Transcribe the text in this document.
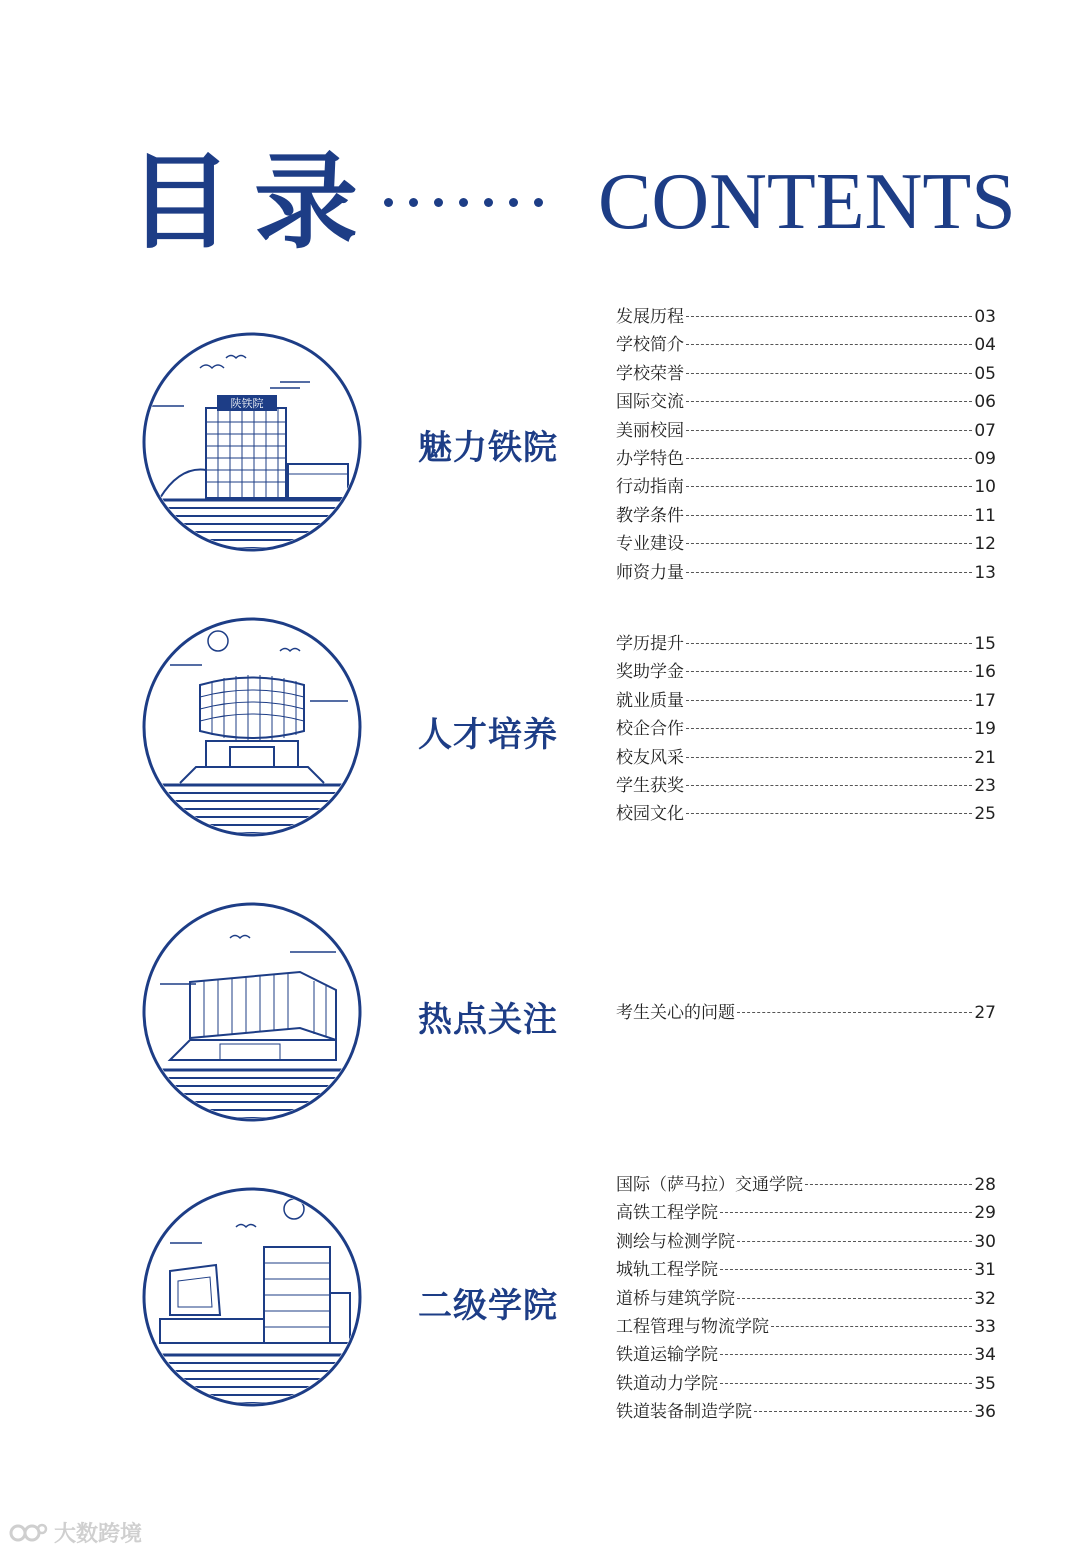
目录	CONTENTS
陕铁院
魅力铁院
发展历程	03
学校简介	04
学校荣誉	05
国际交流	06
美丽校园	07
办学特色	09
行动指南	10
教学条件	11
专业建设	12
师资力量	13
人才培养
学历提升	15
奖助学金	16
就业质量	17
校企合作	19
校友风采	21
学生获奖	23
校园文化	25
热点关注	考生关心的问题	27
二级学院
国际（萨马拉）交通学院	28
高铁工程学院	29
测绘与检测学院	30
城轨工程学院	31
道桥与建筑学院	32
工程管理与物流学院	33
铁道运输学院	34
铁道动力学院	35
铁道装备制造学院	36
大数跨境
